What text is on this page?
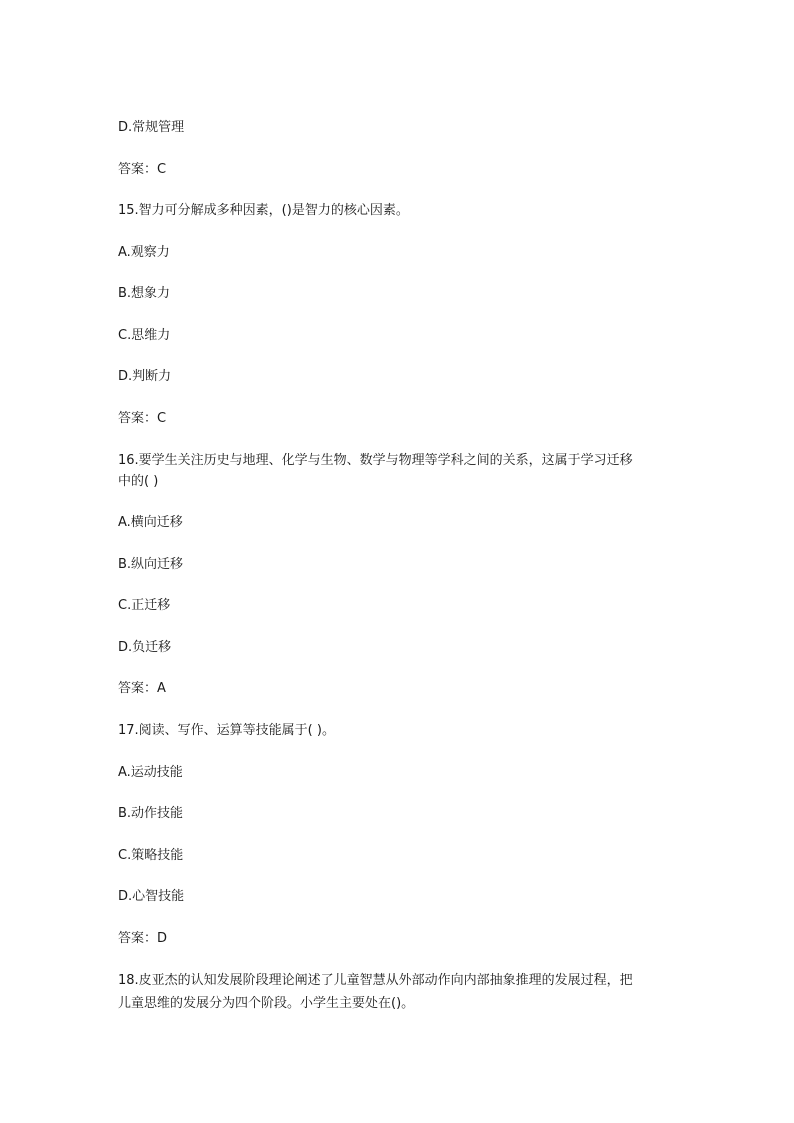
D.常规管理
答案：C
15.智力可分解成多种因素，()是智力的核心因素。
A.观察力
B.想象力
C.思维力
D.判断力
答案：C
16.要学生关注历史与地理、化学与生物、数学与物理等学科之间的关系，这属于学习迁移
中的( )
A.横向迁移
B.纵向迁移
C.正迁移
D.负迁移
答案：A
17.阅读、写作、运算等技能属于( )。
A.运动技能
B.动作技能
C.策略技能
D.心智技能
答案：D
18.皮亚杰的认知发展阶段理论阐述了儿童智慧从外部动作向内部抽象推理的发展过程，把
儿童思维的发展分为四个阶段。小学生主要处在()。
